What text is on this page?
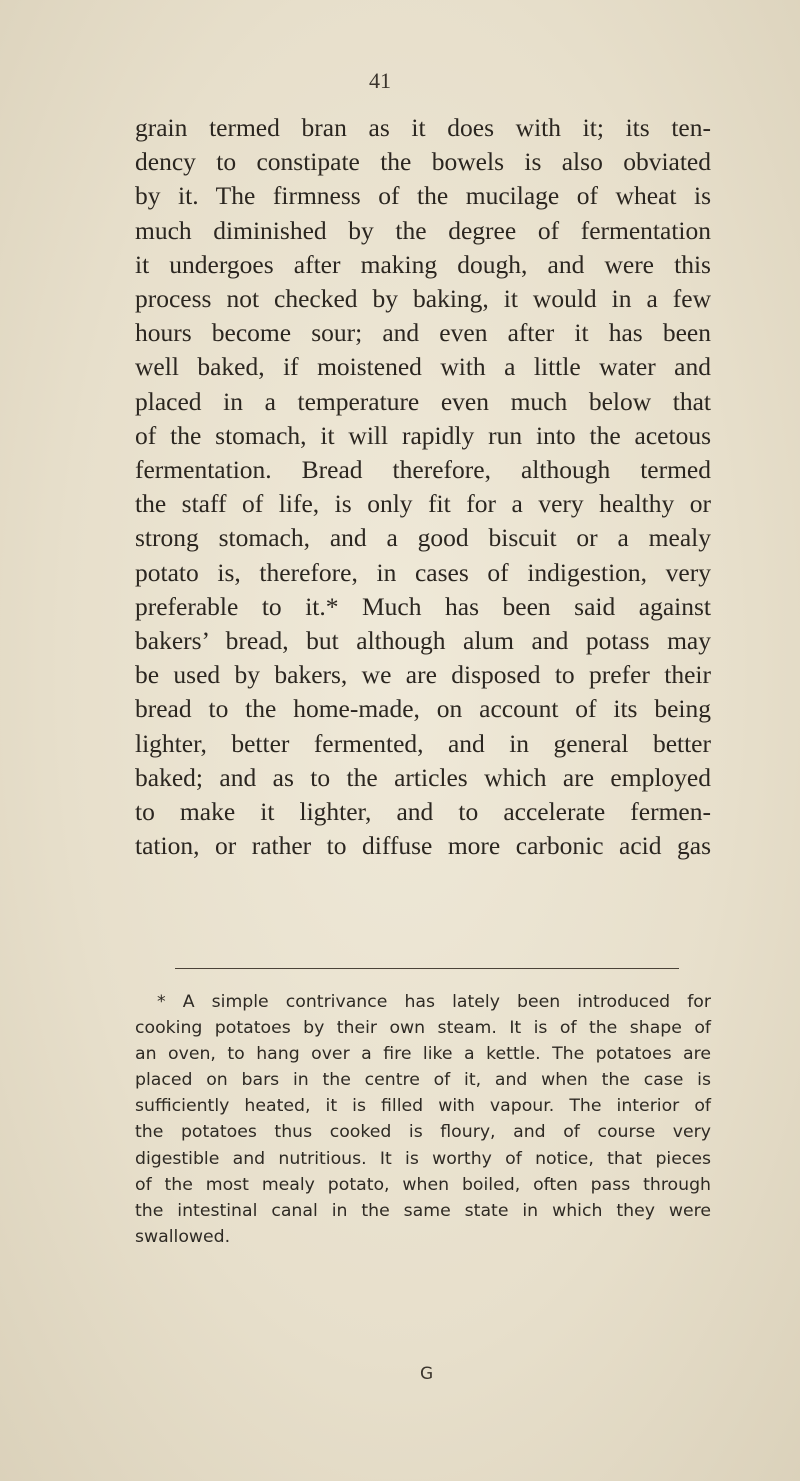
41
grain termed bran as it does with it; its ten-
dency to constipate the bowels is also obviated
by it. The firmness of the mucilage of wheat is
much diminished by the degree of fermentation
it undergoes after making dough, and were this
process not checked by baking, it would in a few
hours become sour; and even after it has been
well baked, if moistened with a little water and
placed in a temperature even much below that
of the stomach, it will rapidly run into the acetous
fermentation. Bread therefore, although termed
the staff of life, is only fit for a very healthy or
strong stomach, and a good biscuit or a mealy
potato is, therefore, in cases of indigestion, very
preferable to it.* Much has been said against
bakers’ bread, but although alum and potass may
be used by bakers, we are disposed to prefer their
bread to the home-made, on account of its being
lighter, better fermented, and in general better
baked; and as to the articles which are employed
to make it lighter, and to accelerate fermen-
tation, or rather to diffuse more carbonic acid gas
* A simple contrivance has lately been introduced for
cooking potatoes by their own steam. It is of the shape of
an oven, to hang over a fire like a kettle. The potatoes are
placed on bars in the centre of it, and when the case is
sufficiently heated, it is filled with vapour. The interior of
the potatoes thus cooked is floury, and of course very
digestible and nutritious. It is worthy of notice, that pieces
of the most mealy potato, when boiled, often pass through
the intestinal canal in the same state in which they were
swallowed.
G
